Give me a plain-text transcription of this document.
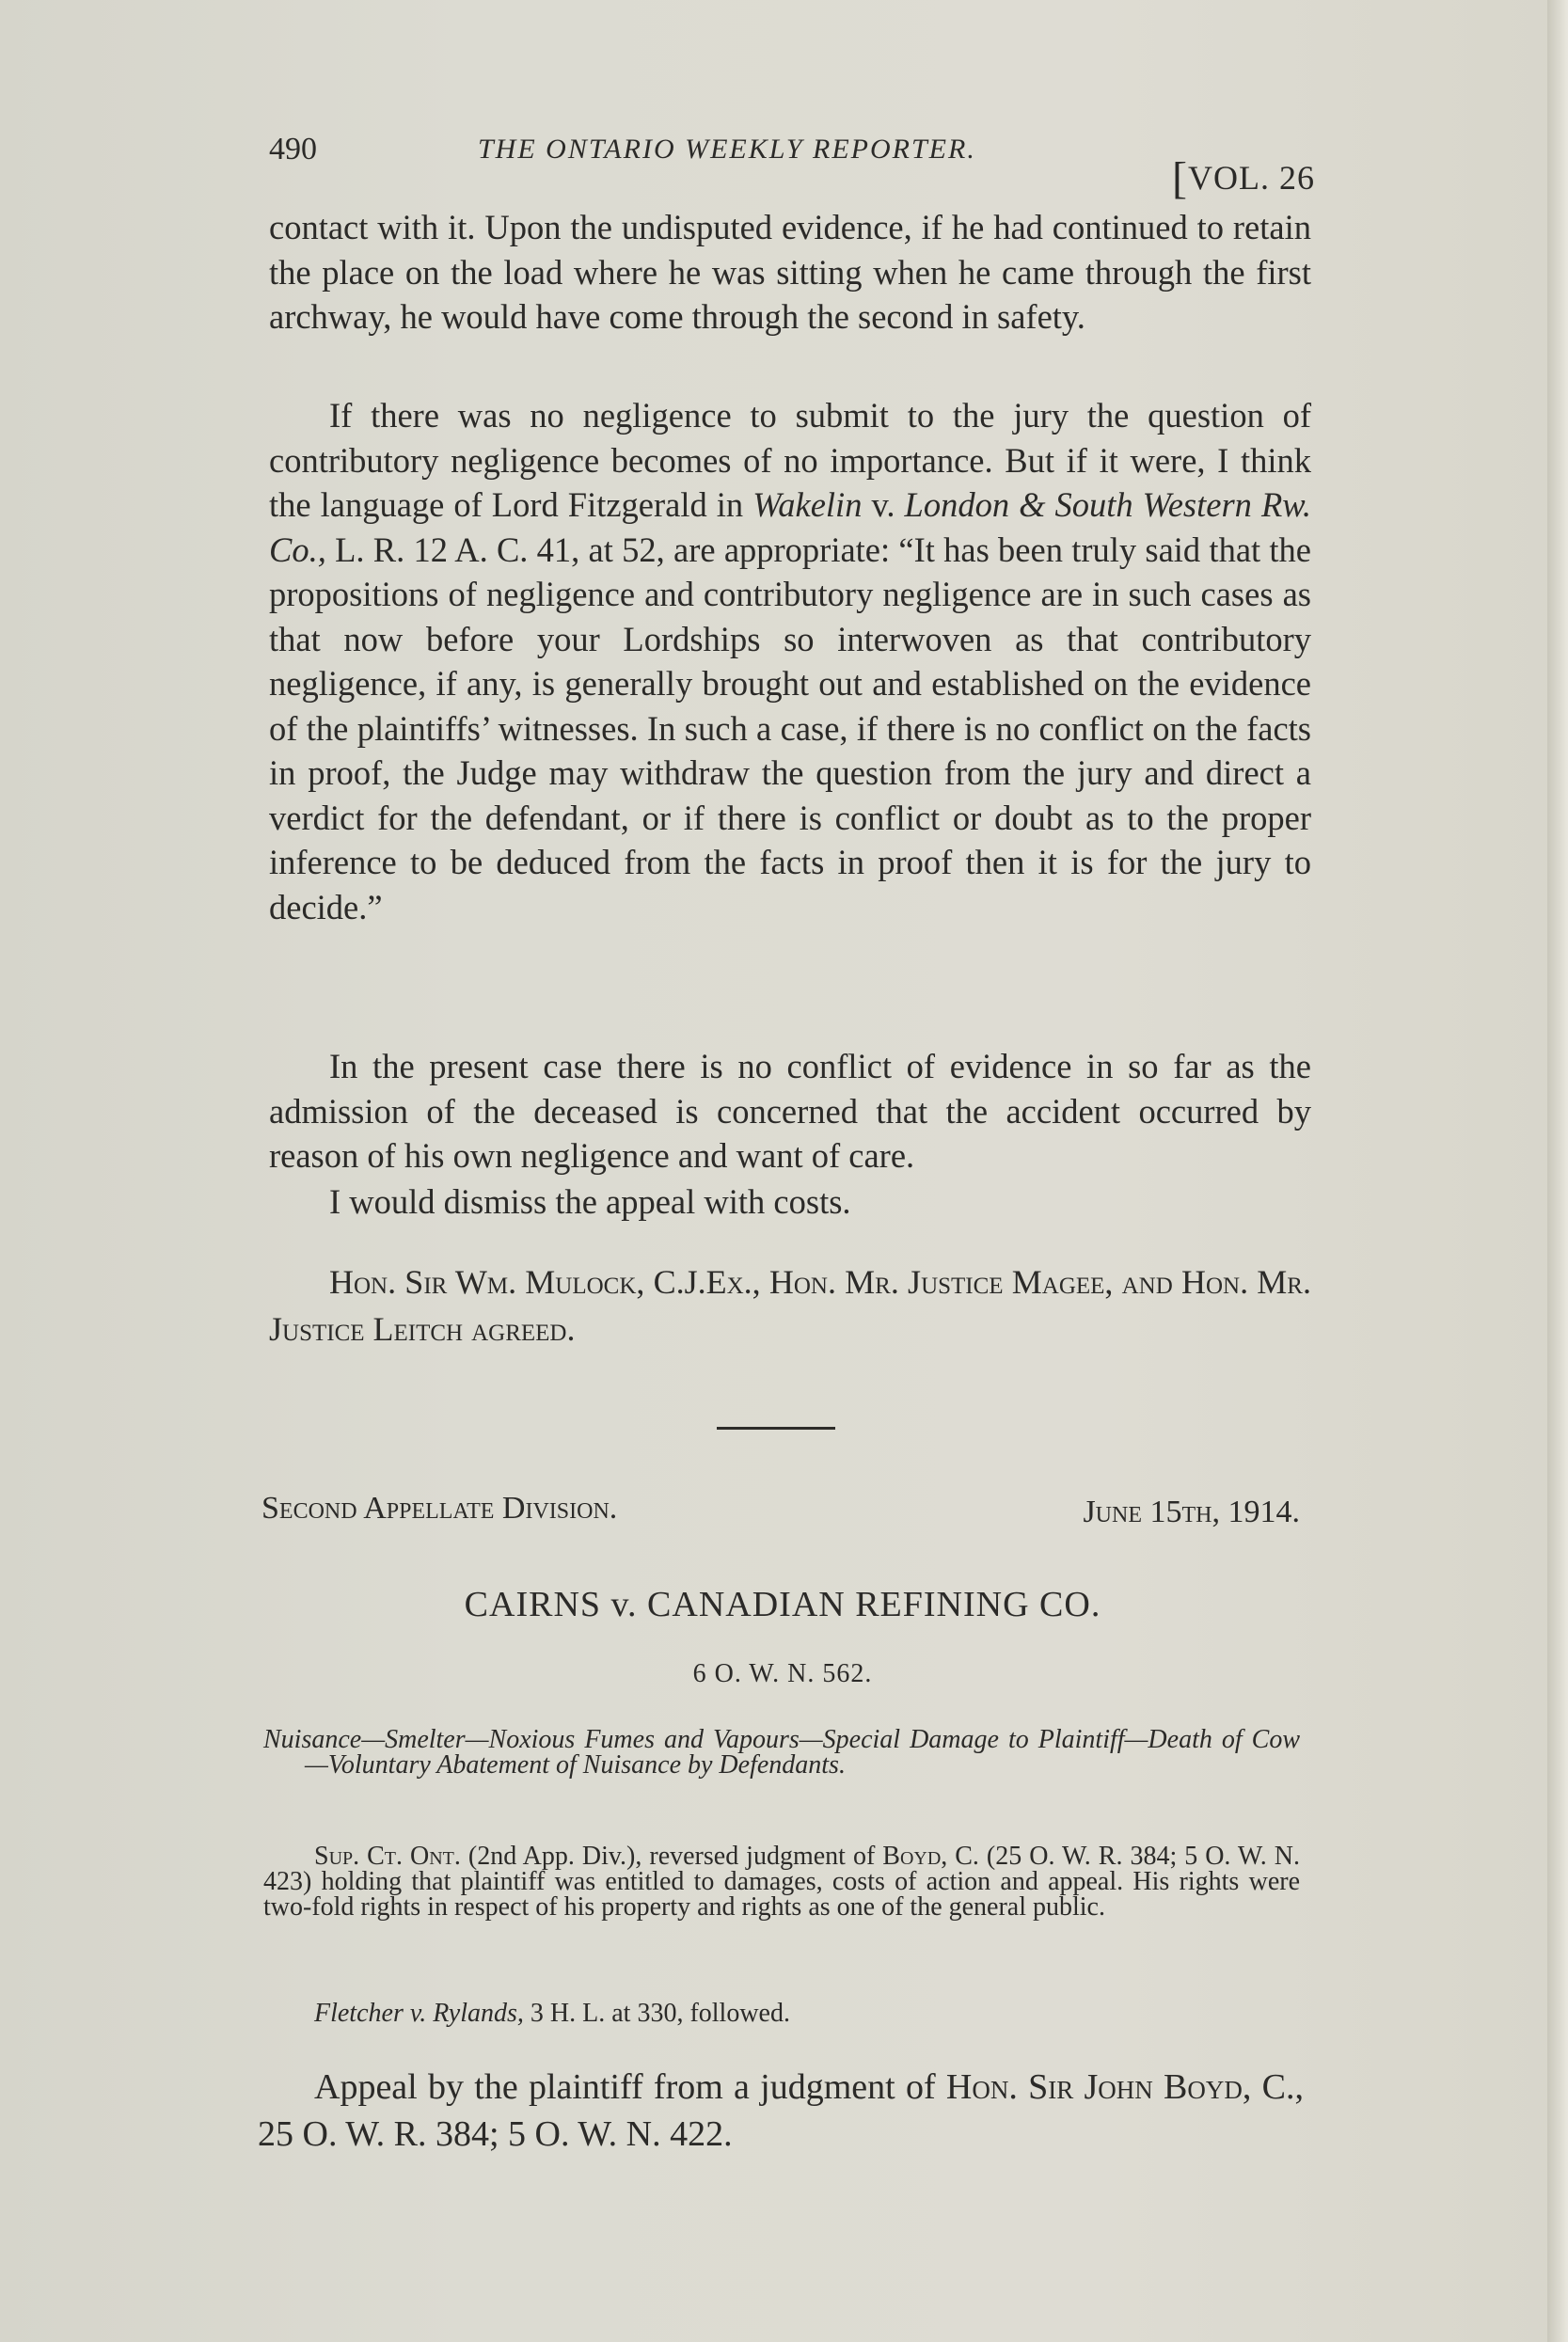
490	THE ONTARIO WEEKLY REPORTER.
[VOL. 26

contact with it. Upon the undisputed evidence, if he had continued to retain the place on the load where he was sitting when he came through the first archway, he would have come through the second in safety.

If there was no negligence to submit to the jury the question of contributory negligence becomes of no importance. But if it were, I think the language of Lord Fitzgerald in Wakelin v. London & South Western Rw. Co., L. R. 12 A. C. 41, at 52, are appropriate: “It has been truly said that the propositions of negligence and contributory negligence are in such cases as that now before your Lordships so interwoven as that contributory negligence, if any, is generally brought out and established on the evidence of the plaintiffs’ witnesses. In such a case, if there is no conflict on the facts in proof, the Judge may withdraw the question from the jury and direct a verdict for the defendant, or if there is conflict or doubt as to the proper inference to be deduced from the facts in proof then it is for the jury to decide.”

In the present case there is no conflict of evidence in so far as the admission of the deceased is concerned that the accident occurred by reason of his own negligence and want of care.

I would dismiss the appeal with costs.

Hon. Sir Wm. Mulock, C.J.Ex., Hon. Mr. Justice Magee, and Hon. Mr. Justice Leitch agreed.

Second Appellate Division.	June 15th, 1914.
CAIRNS v. CANADIAN REFINING CO.
6 O. W. N. 562.
Nuisance—Smelter—Noxious Fumes and Vapours—Special Damage to Plaintiff—Death of Cow—Voluntary Abatement of Nuisance by Defendants.

Sup. Ct. Ont. (2nd App. Div.), reversed judgment of Boyd, C. (25 O. W. R. 384; 5 O. W. N. 423) holding that plaintiff was entitled to damages, costs of action and appeal. His rights were two-fold rights in respect of his property and rights as one of the general public.

Fletcher v. Rylands, 3 H. L. at 330, followed.

Appeal by the plaintiff from a judgment of Hon. Sir John Boyd, C., 25 O. W. R. 384; 5 O. W. N. 422.
